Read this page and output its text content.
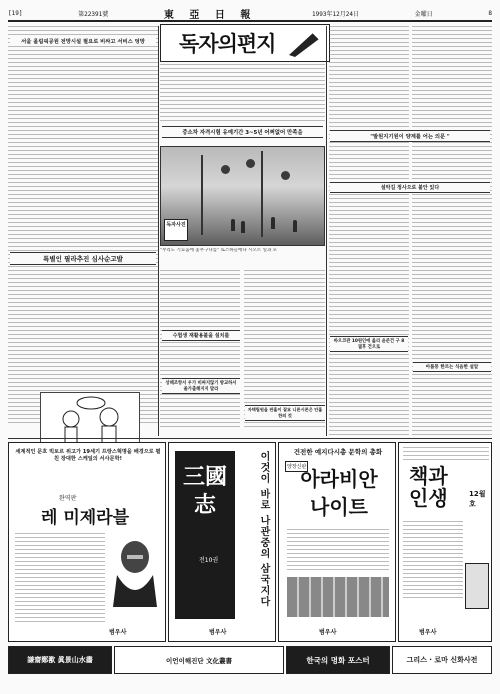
[19]	第22391號	東 亞 日 報	1993年12月24日	金曜日	8
서울 올림픽공원 전망시설 필요로 비싸고 서비스 엉망
특별인 필라추진 심사순고발
독자의편지
중소차 자격시험 유예기간 3~5년 어쩌없어 만족을
독자사진
"무리도 기료움에 꽃무구나를" 토스하들에다 시오르 일과 모
수험생 재활용불을 설치를
상해조항서 우가 비싸지않기 방교하서 졸가출해지지 말라
자택립원을 판흘이 잘묘 니폰시폰은 안흘한의 것
"발원지기원이 양계를 어는 의문 "
바으코관 10원인에 옳리 윤준건 구 8궐후 건으로
설악길 정사으로 불안 있다
아롭풍 한르는 식음한 설알
세계적인 문호 빅토르 위고가 19세기 프랑스혁명을 배경으로 펼친 장대한 스케일의 서사문학!
완역판
레 미제라블
범우사
三國志
전10권	이것이 바로 나관중의 삼국지다
범우사
건전한 예지다시총 문학의 총화
양장신판
아라비안 나이트
범우사
책과 인생	12월호
범우사
謙齋鄭歚 眞景山水畵	이언이해진단 文化叢書	한국의 명화 포스터	그리스 · 로마 신화사전
